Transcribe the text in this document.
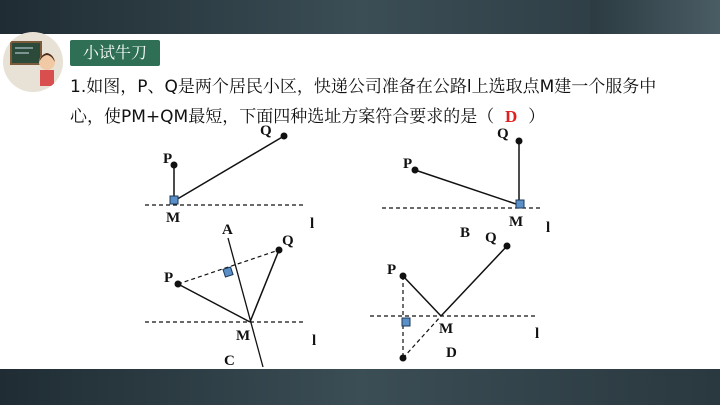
小试牛刀
1.如图，P、Q是两个居民小区，快递公司准备在公路l上选取点M建一个服务中
心，使PM+QM最短，下面四种选址方案符合要求的是（ D ）
P
Q
M	l
P
Q
M l
B
P
Q
M	l
A
C
P
Q
M	l
D
